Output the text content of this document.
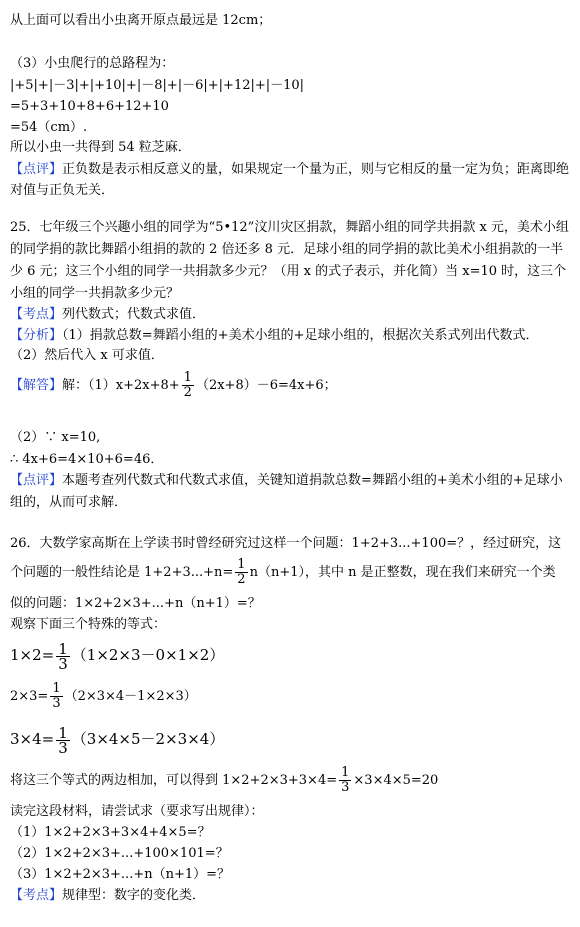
从上面可以看出小虫离开原点最远是 12cm；
（3）小虫爬行的总路程为：
|+5|+|－3|+|+10|+|－8|+|－6|+|+12|+|－10|
=5+3+10+8+6+12+10
=54（cm）.
所以小虫一共得到 54 粒芝麻．
【点评】正负数是表示相反意义的量，如果规定一个量为正，则与它相反的量一定为负；距离即绝对值与正负无关．
25．七年级三个兴趣小组的同学为“5•12”汶川灾区捐款，舞蹈小组的同学共捐款 x 元，美术小组的同学捐的款比舞蹈小组捐的款的 2 倍还多 8 元．足球小组的同学捐的款比美术小组捐款的一半少 6 元；这三个小组的同学一共捐款多少元？（用 x 的式子表示，并化简）当 x=10 时，这三个小组的同学一共捐款多少元？
【考点】列代数式；代数式求值．
【分析】（1）捐款总数=舞蹈小组的+美术小组的+足球小组的，根据次关系式列出代数式．
（2）然后代入 x 可求值．
【解答】解：$(1)x+2x+8+ \frac{1}{2} (2x+8)-6=4x+6$；
（2）∵ x=10,
∴ 4x+6=4×10+6=46．
【点评】本题考查列代数式和代数式求值，关键知道捐款总数=舞蹈小组的+美术小组的+足球小组的，从而可求解．
26．大数学家高斯在上学读书时曾经研究过这样一个问题：1+2+3...+100=？，经过研究，这
个问题的一般性结论是 $1+2+3...+n= \frac{1}{2} n(n+1)$，其中 n 是正整数，现在我们来研究一个类
似的问题：1×2+2×3+...+n（n+1）=？
观察下面三个特殊的等式：
$1\times 2= \frac{1}{3} (1\times 2\times 3-0\times 1\times 2)$
$2\times 3= \frac{1}{3} (2\times 3\times 4-1\times 2\times 3)$
$3\times 4= \frac{1}{3} (3\times 4\times 5-2\times 3\times 4)$
将这三个等式的两边相加，可以得到 $1\times 2+2\times 3+3\times 4= \frac{1}{3} \times 3\times 4\times 5=20$
读完这段材料，请尝试求（要求写出规律）：
（1）1×2+2×3+3×4+4×5=？
（2）1×2+2×3+...+100×101=？
（3）1×2+2×3+...+n（n+1）=？
【考点】规律型：数字的变化类．
